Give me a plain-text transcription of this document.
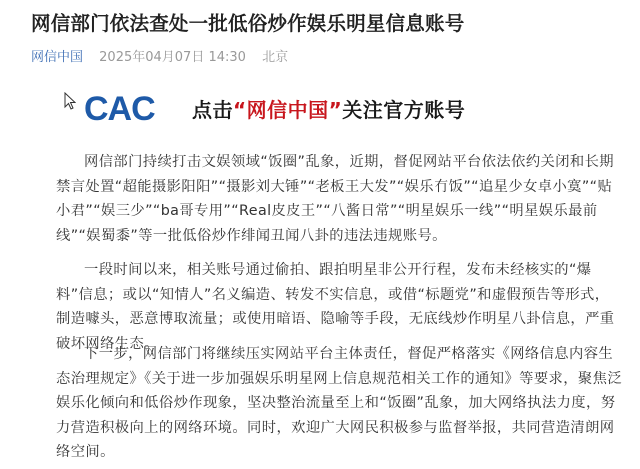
网信部门依法查处一批低俗炒作娱乐明星信息账号
网信中国 2025年04月07日 14:30 北京
CAC 点击“网信中国”关注官方账号
网信部门持续打击文娱领域“饭圈”乱象，近期，督促网站平台依法依约关闭和长期禁言处置“超能摄影阳阳”“摄影刘大锤”“老板王大发”“娱乐冇饭”“追星少女卓小寞”“贴小君”“娱三少”“ba哥专用”“Real皮皮王”“八酱日常”“明星娱乐一线”“明星娱乐最前线”“娱蜀黍”等一批低俗炒作绯闻丑闻八卦的违法违规账号。
一段时间以来，相关账号通过偷拍、跟拍明星非公开行程，发布未经核实的“爆料”信息；或以“知情人”名义编造、转发不实信息，或借“标题党”和虚假预告等形式，制造噱头，恶意博取流量；或使用暗语、隐喻等手段，无底线炒作明星八卦信息，严重破坏网络生态。
下一步，网信部门将继续压实网站平台主体责任，督促严格落实《网络信息内容生态治理规定》《关于进一步加强娱乐明星网上信息规范相关工作的通知》等要求，聚焦泛娱乐化倾向和低俗炒作现象，坚决整治流量至上和“饭圈”乱象，加大网络执法力度，努力营造积极向上的网络环境。同时，欢迎广大网民积极参与监督举报，共同营造清朗网络空间。
